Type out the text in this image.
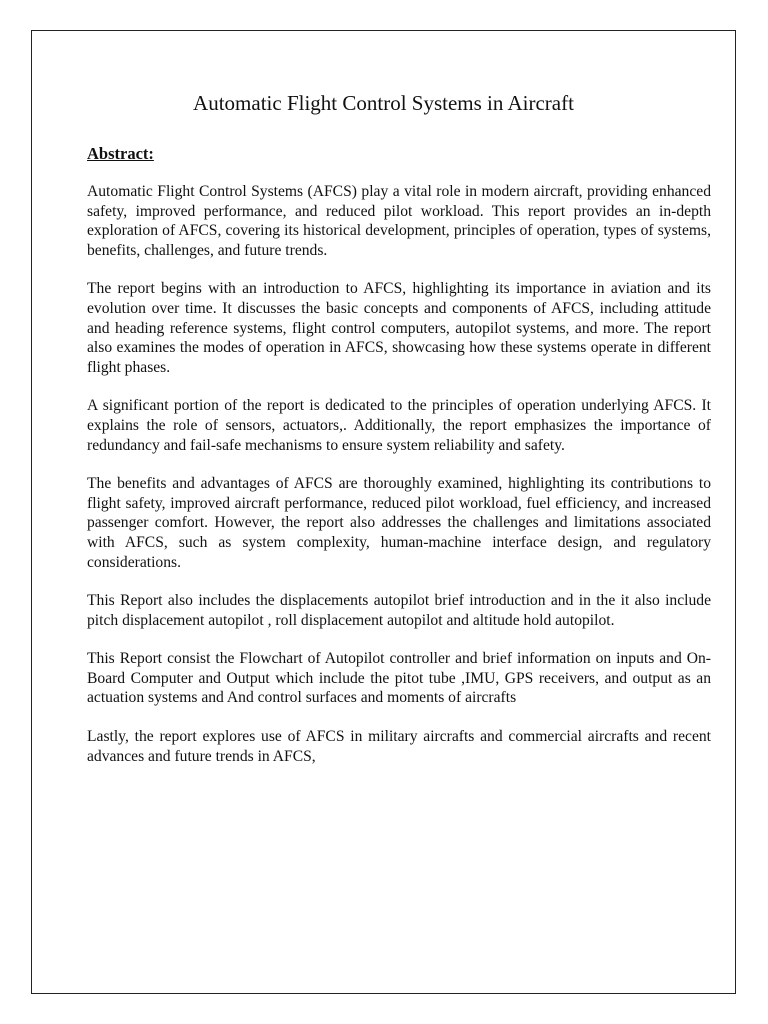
Automatic Flight Control Systems in Aircraft

Abstract:

Automatic Flight Control Systems (AFCS) play a vital role in modern aircraft, providing enhanced safety, improved performance, and reduced pilot workload. This report provides an in-depth exploration of AFCS, covering its historical development, principles of operation, types of systems, benefits, challenges, and future trends.

The report begins with an introduction to AFCS, highlighting its importance in aviation and its evolution over time. It discusses the basic concepts and components of AFCS, including attitude and heading reference systems, flight control computers, autopilot systems, and more. The report also examines the modes of operation in AFCS, showcasing how these systems operate in different flight phases.

A significant portion of the report is dedicated to the principles of operation underlying AFCS. It explains the role of sensors, actuators,. Additionally, the report emphasizes the importance of redundancy and fail-safe mechanisms to ensure system reliability and safety.

The benefits and advantages of AFCS are thoroughly examined, highlighting its contributions to flight safety, improved aircraft performance, reduced pilot workload, fuel efficiency, and increased passenger comfort. However, the report also addresses the challenges and limitations associated with AFCS, such as system complexity, human-machine interface design, and regulatory considerations.

This Report also includes the displacements autopilot brief introduction and in the it also include pitch displacement autopilot , roll displacement autopilot and altitude hold autopilot.

This Report consist the Flowchart of Autopilot controller and brief information on inputs and On-Board Computer and Output which include the pitot tube ,IMU, GPS receivers, and output as an actuation systems and And control surfaces and moments of aircrafts

Lastly, the report explores use of AFCS in military aircrafts and commercial aircrafts and recent advances and future trends in AFCS,
